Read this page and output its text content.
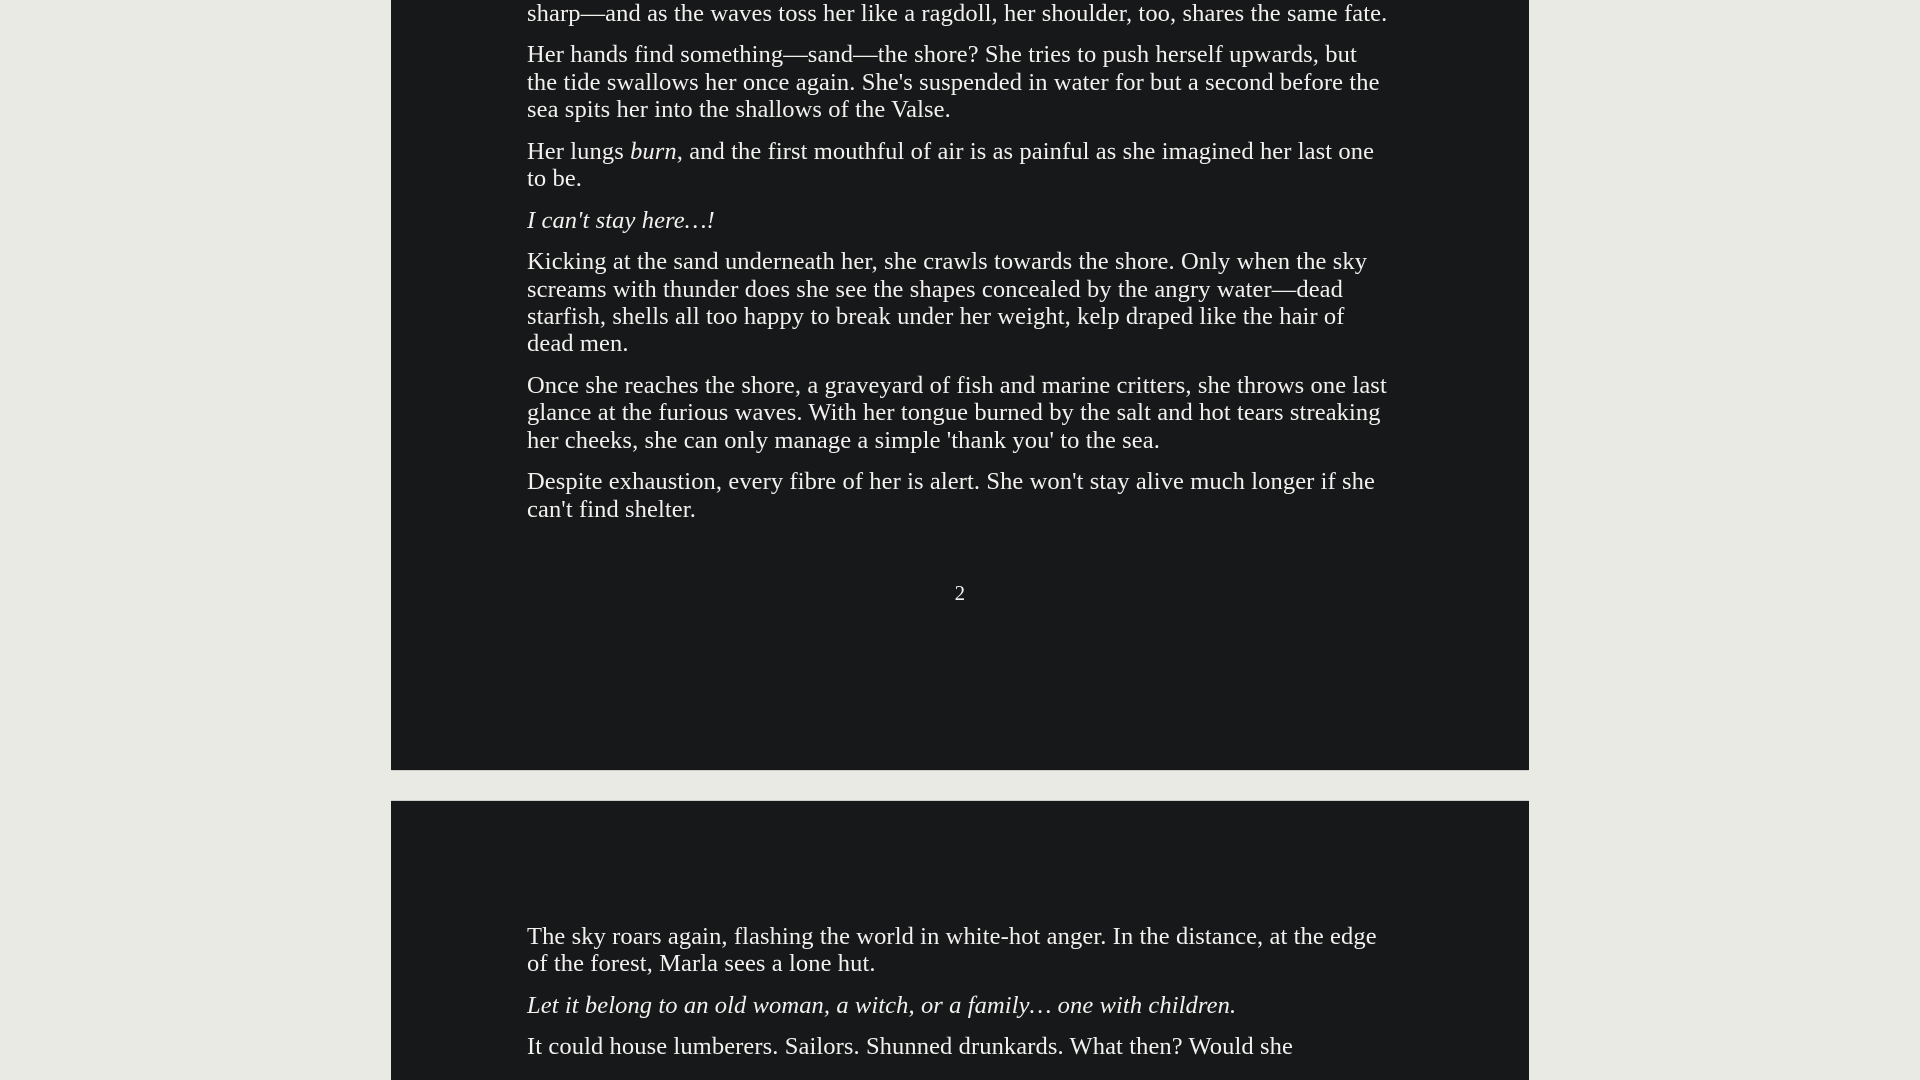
sharp—and as the waves toss her like a ragdoll, her shoulder, too, shares the same fate.

Her hands find something—sand—the shore? She tries to push herself upwards, but the tide swallows her once again. She's suspended in water for but a second before the sea spits her into the shallows of the Valse.

Her lungs burn, and the first mouthful of air is as painful as she imagined her last one to be.

I can't stay here…!

Kicking at the sand underneath her, she crawls towards the shore. Only when the sky screams with thunder does she see the shapes concealed by the angry water—dead starfish, shells all too happy to break under her weight, kelp draped like the hair of dead men.

Once she reaches the shore, a graveyard of fish and marine critters, she throws one last glance at the furious waves. With her tongue burned by the salt and hot tears streaking her cheeks, she can only manage a simple 'thank you' to the sea.

Despite exhaustion, every fibre of her is alert. She won't stay alive much longer if she can't find shelter.

2

The sky roars again, flashing the world in white-hot anger. In the distance, at the edge of the forest, Marla sees a lone hut.

Let it belong to an old woman, a witch, or a family… one with children.

It could house lumberers. Sailors. Shunned drunkards. What then? Would she
